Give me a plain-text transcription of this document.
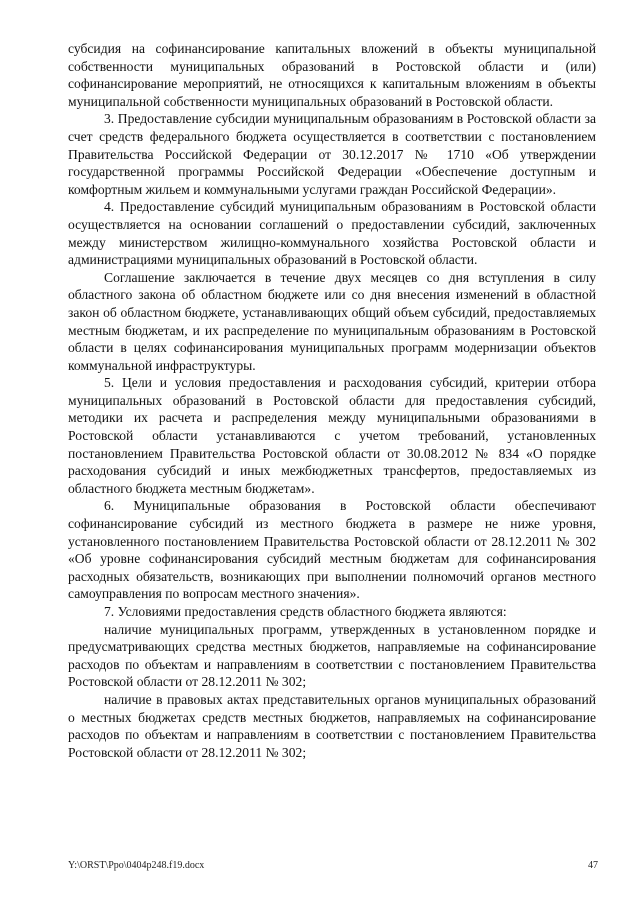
субсидия на софинансирование капитальных вложений в объекты муниципальной собственности муниципальных образований в Ростовской области и (или) софинансирование мероприятий, не относящихся к капитальным вложениям в объекты муниципальной собственности муниципальных образований в Ростовской области.

3. Предоставление субсидии муниципальным образованиям в Ростовской области за счет средств федерального бюджета осуществляется в соответствии с постановлением Правительства Российской Федерации от 30.12.2017 № 1710 «Об утверждении государственной программы Российской Федерации «Обеспечение доступным и комфортным жильем и коммунальными услугами граждан Российской Федерации».

4. Предоставление субсидий муниципальным образованиям в Ростовской области осуществляется на основании соглашений о предоставлении субсидий, заключенных между министерством жилищно-коммунального хозяйства Ростовской области и администрациями муниципальных образований в Ростовской области.

Соглашение заключается в течение двух месяцев со дня вступления в силу областного закона об областном бюджете или со дня внесения изменений в областной закон об областном бюджете, устанавливающих общий объем субсидий, предоставляемых местным бюджетам, и их распределение по муниципальным образованиям в Ростовской области в целях софинансирования муниципальных программ модернизации объектов коммунальной инфраструктуры.

5. Цели и условия предоставления и расходования субсидий, критерии отбора муниципальных образований в Ростовской области для предоставления субсидий, методики их расчета и распределения между муниципальными образованиями в Ростовской области устанавливаются с учетом требований, установленных постановлением Правительства Ростовской области от 30.08.2012 № 834 «О порядке расходования субсидий и иных межбюджетных трансфертов, предоставляемых из областного бюджета местным бюджетам».

6. Муниципальные образования в Ростовской области обеспечивают софинансирование субсидий из местного бюджета в размере не ниже уровня, установленного постановлением Правительства Ростовской области от 28.12.2011 № 302 «Об уровне софинансирования субсидий местным бюджетам для софинансирования расходных обязательств, возникающих при выполнении полномочий органов местного самоуправления по вопросам местного значения».

7. Условиями предоставления средств областного бюджета являются:

наличие муниципальных программ, утвержденных в установленном порядке и предусматривающих средства местных бюджетов, направляемые на софинансирование расходов по объектам и направлениям в соответствии с постановлением Правительства Ростовской области от 28.12.2011 № 302;

наличие в правовых актах представительных органов муниципальных образований о местных бюджетах средств местных бюджетов, направляемых на софинансирование расходов по объектам и направлениям в соответствии с постановлением Правительства Ростовской области от 28.12.2011 № 302;

Y:\ORST\Ppo\0404p248.f19.docx	47
